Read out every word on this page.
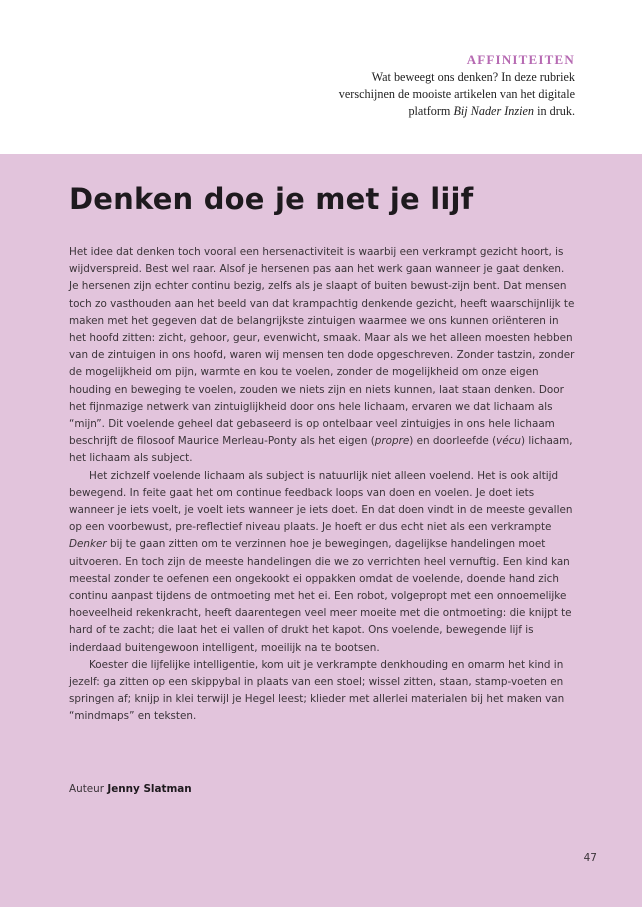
AFFINITEITEN

Wat beweegt ons denken? In deze rubriek verschijnen de mooiste artikelen van het digitale platform Bij Nader Inzien in druk.

Denken doe je met je lijf

Het idee dat denken toch vooral een hersenactiviteit is waarbij een verkrampt gezicht hoort, is wijdverspreid. Best wel raar. Alsof je hersenen pas aan het werk gaan wanneer je gaat denken. Je hersenen zijn echter continu bezig, zelfs als je slaapt of buiten bewust-zijn bent. Dat mensen toch zo vasthouden aan het beeld van dat krampachtig denkende gezicht, heeft waarschijnlijk te maken met het gegeven dat de belangrijkste zintuigen waarmee we ons kunnen oriënteren in het hoofd zitten: zicht, gehoor, geur, evenwicht, smaak. Maar als we het alleen moesten hebben van de zintuigen in ons hoofd, waren wij mensen ten dode opgeschreven. Zonder tastzin, zonder de mogelijkheid om pijn, warmte en kou te voelen, zonder de mogelijkheid om onze eigen houding en beweging te voelen, zouden we niets zijn en niets kunnen, laat staan denken. Door het fijnmazige netwerk van zintuiglijkheid door ons hele lichaam, ervaren we dat lichaam als “mijn”. Dit voelende geheel dat gebaseerd is op ontelbaar veel zintuigjes in ons hele lichaam beschrijft de filosoof Maurice Merleau-Ponty als het eigen (propre) en doorleefde (vécu) lichaam, het lichaam als subject.

Het zichzelf voelende lichaam als subject is natuurlijk niet alleen voelend. Het is ook altijd bewegend. In feite gaat het om continue feedback loops van doen en voelen. Je doet iets wanneer je iets voelt, je voelt iets wanneer je iets doet. En dat doen vindt in de meeste gevallen op een voorbewust, pre-reflectief niveau plaats. Je hoeft er dus echt niet als een verkrampte Denker bij te gaan zitten om te verzinnen hoe je bewegingen, dagelijkse handelingen moet uitvoeren. En toch zijn de meeste handelingen die we zo verrichten heel vernuftig. Een kind kan meestal zonder te oefenen een ongekookt ei oppakken omdat de voelende, doende hand zich continu aanpast tijdens de ontmoeting met het ei. Een robot, volgepropt met een onnoemelijke hoeveelheid rekenkracht, heeft daarentegen veel meer moeite met die ontmoeting: die knijpt te hard of te zacht; die laat het ei vallen of drukt het kapot. Ons voelende, bewegende lijf is inderdaad buitengewoon intelligent, moeilijk na te bootsen.

Koester die lijfelijke intelligentie, kom uit je verkrampte denkhouding en omarm het kind in jezelf: ga zitten op een skippybal in plaats van een stoel; wissel zitten, staan, stamp-voeten en springen af; knijp in klei terwijl je Hegel leest; klieder met allerlei materialen bij het maken van “mindmaps” en teksten.

Auteur Jenny Slatman
47
